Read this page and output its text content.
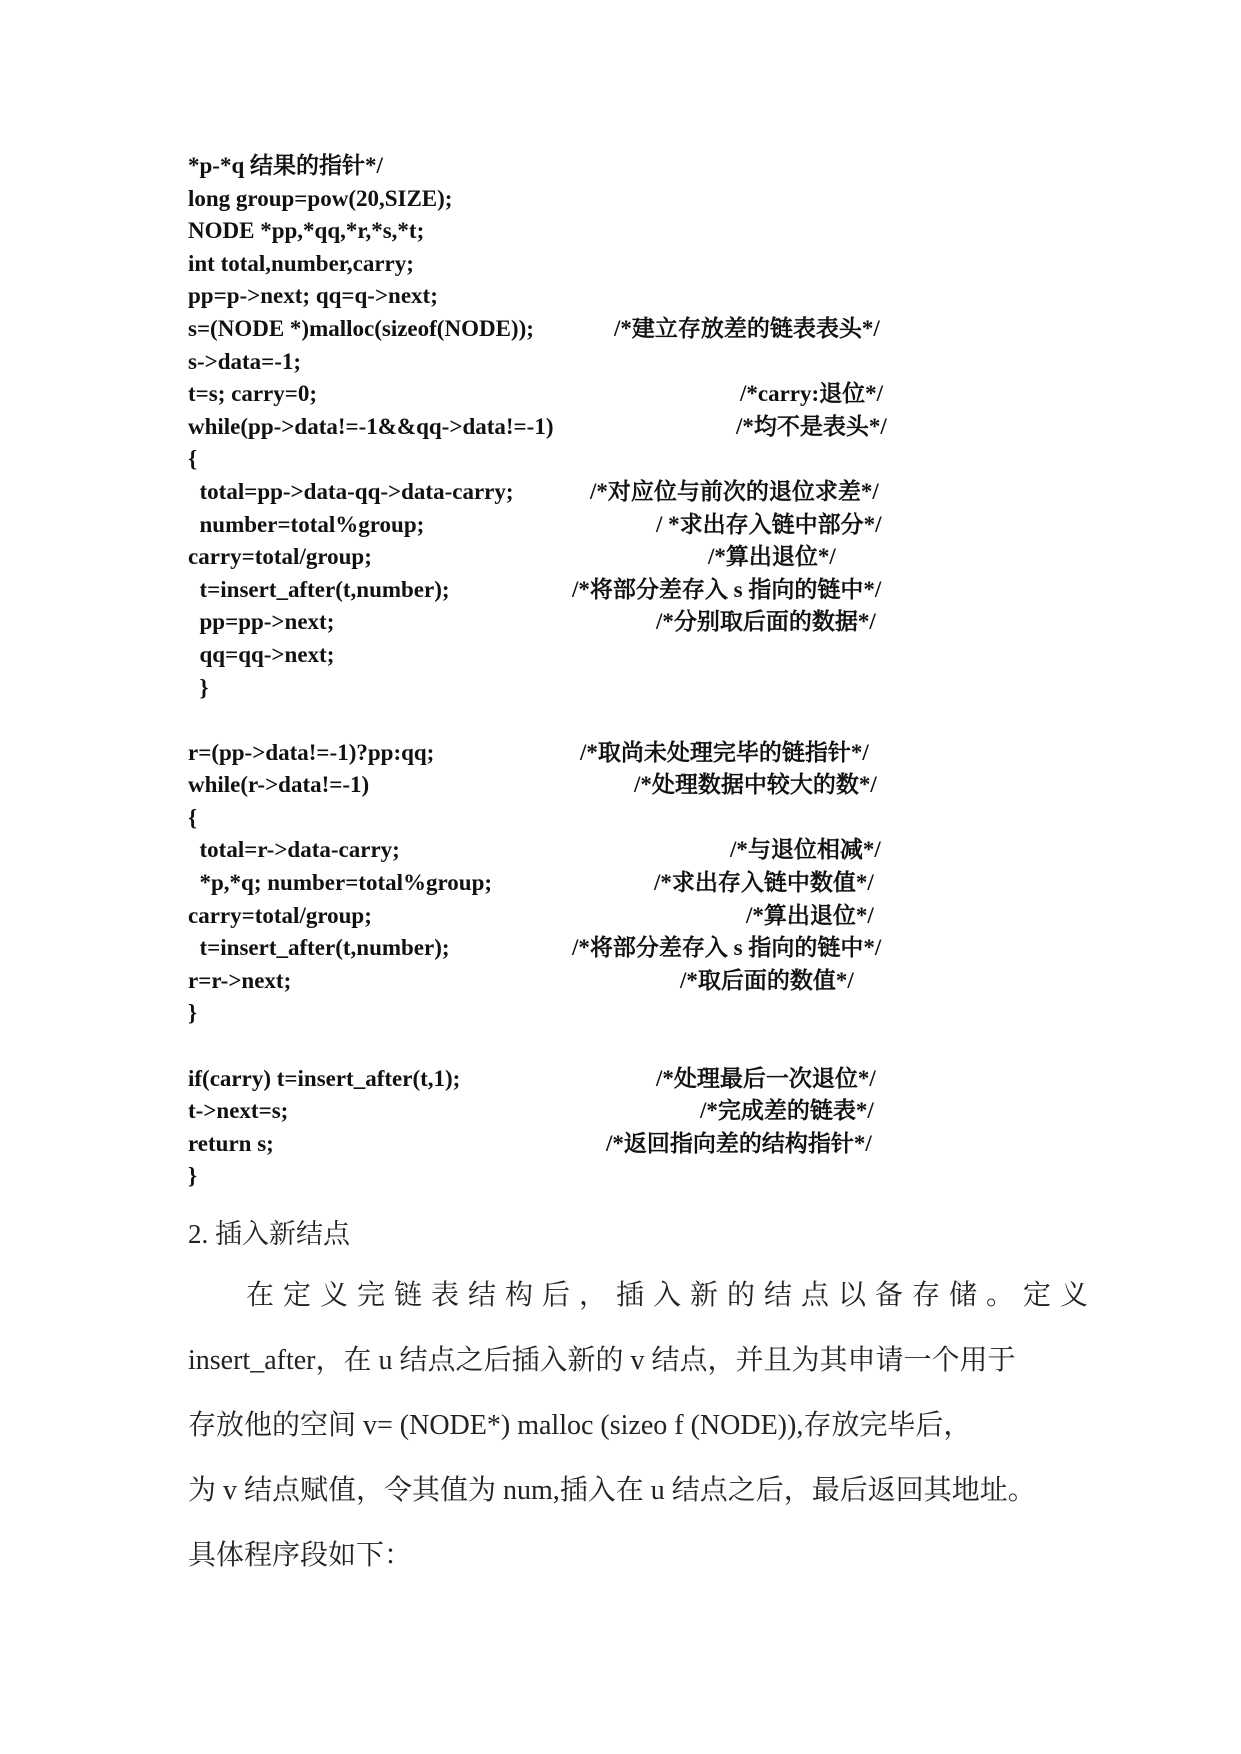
*p-*q 结果的指针*/
long group=pow(20,SIZE);
NODE *pp,*qq,*r,*s,*t;
int total,number,carry;
pp=p->next; qq=q->next;
s=(NODE *)malloc(sizeof(NODE));	/*建立存放差的链表表头*/
s->data=-1;
t=s; carry=0;	/*carry:退位*/
while(pp->data!=-1&&qq->data!=-1)	/*均不是表头*/
{
total=pp->data-qq->data-carry;	/*对应位与前次的退位求差*/
number=total%group;	/ *求出存入链中部分*/
carry=total/group;	/*算出退位*/
t=insert_after(t,number);	/*将部分差存入 s 指向的链中*/
pp=pp->next;	/*分别取后面的数据*/
qq=qq->next;
}
r=(pp->data!=-1)?pp:qq;	/*取尚未处理完毕的链指针*/
while(r->data!=-1)	/*处理数据中较大的数*/
{
total=r->data-carry;	/*与退位相减*/
*p,*q; number=total%group;	/*求出存入链中数值*/
carry=total/group;	/*算出退位*/
t=insert_after(t,number);	/*将部分差存入 s 指向的链中*/
r=r->next;	/*取后面的数值*/
}
if(carry) t=insert_after(t,1);	/*处理最后一次退位*/
t->next=s;	/*完成差的链表*/
return s;	/*返回指向差的结构指针*/
}
2. 插入新结点
在定义完链表结构后，插入新的结点以备存储。定义
insert_after，在 u 结点之后插入新的 v 结点，并且为其申请一个用于
存放他的空间 v= (NODE*) malloc (sizeo f (NODE)),存放完毕后，
为 v 结点赋值，令其值为 num,插入在 u 结点之后，最后返回其地址。
具体程序段如下：
